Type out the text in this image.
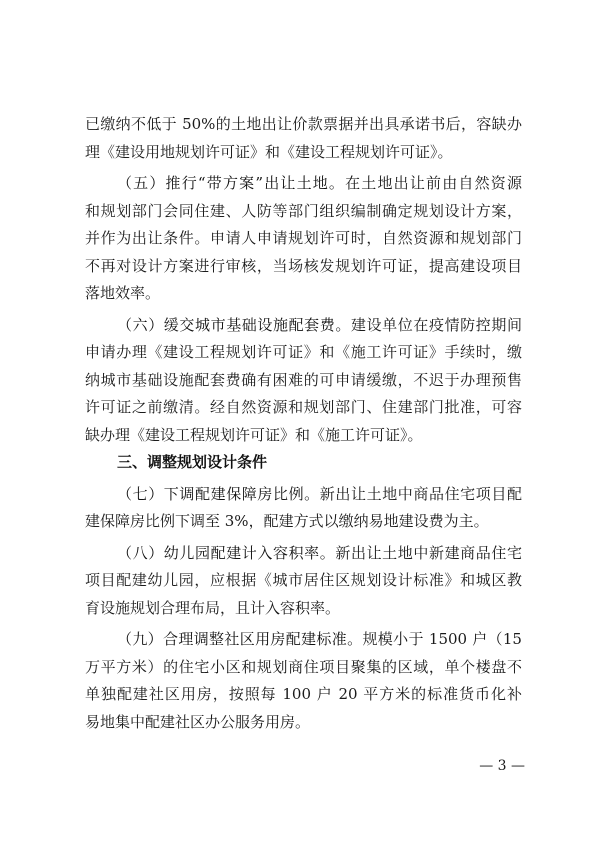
已缴纳不低于 50%的土地出让价款票据并出具承诺书后，容缺办
理《建设用地规划许可证》和《建设工程规划许可证》。
（五）推行“带方案”出让土地。在土地出让前由自然资源
和规划部门会同住建、人防等部门组织编制确定规划设计方案，
并作为出让条件。申请人申请规划许可时，自然资源和规划部门
不再对设计方案进行审核，当场核发规划许可证，提高建设项目
落地效率。
（六）缓交城市基础设施配套费。建设单位在疫情防控期间
申请办理《建设工程规划许可证》和《施工许可证》手续时，缴
纳城市基础设施配套费确有困难的可申请缓缴，不迟于办理预售
许可证之前缴清。经自然资源和规划部门、住建部门批准，可容
缺办理《建设工程规划许可证》和《施工许可证》。
三、调整规划设计条件
（七）下调配建保障房比例。新出让土地中商品住宅项目配
建保障房比例下调至 3%，配建方式以缴纳易地建设费为主。
（八）幼儿园配建计入容积率。新出让土地中新建商品住宅
项目配建幼儿园，应根据《城市居住区规划设计标准》和城区教
育设施规划合理布局，且计入容积率。
（九）合理调整社区用房配建标准。规模小于 1500 户（15
万平方米）的住宅小区和规划商住项目聚集的区域，单个楼盘不
单独配建社区用房，按照每 100 户 20 平方米的标准货币化补
易地集中配建社区办公服务用房。
— 3 —
